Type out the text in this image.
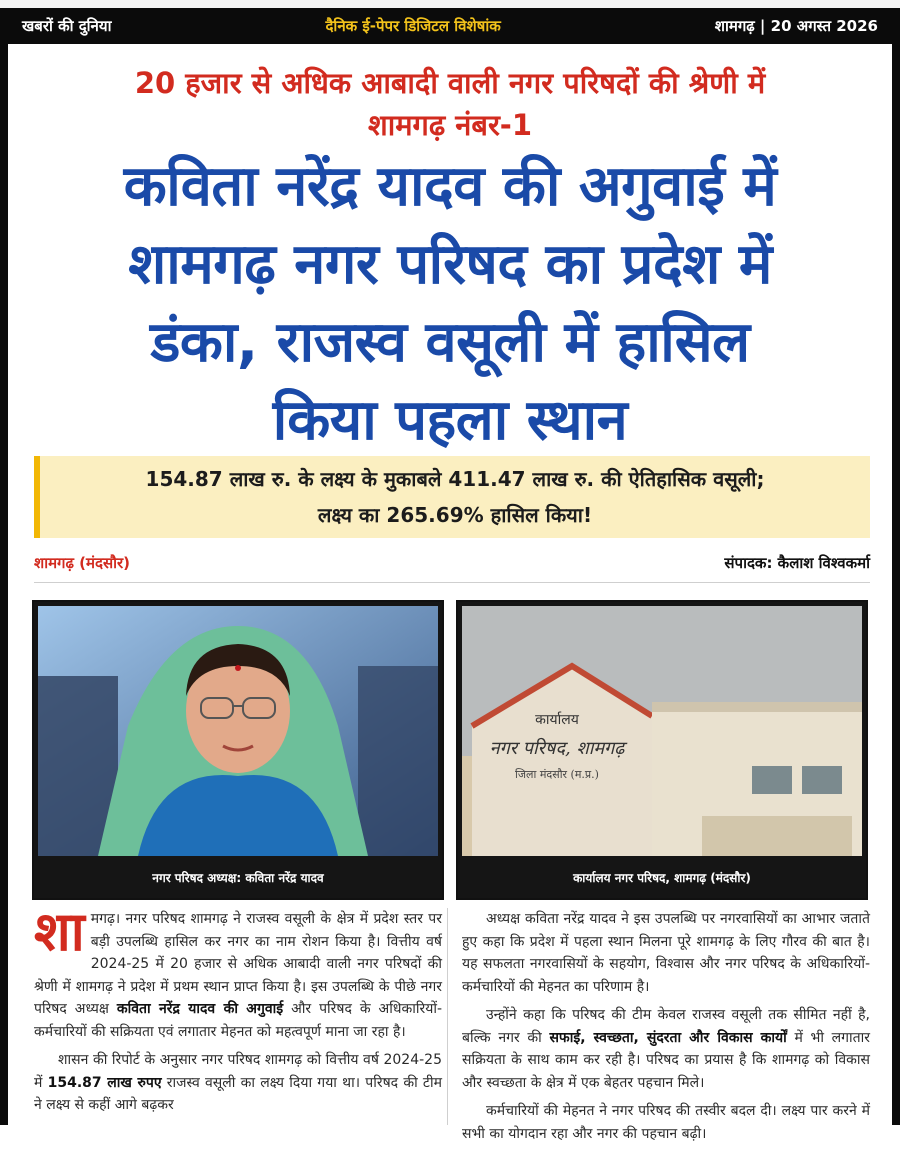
खबरों की दुनिया	दैनिक ई-पेपर डिजिटल विशेषांक	शामगढ़ | 20 अगस्त 2026
20 हजार से अधिक आबादी वाली नगर परिषदों की श्रेणी में
शामगढ़ नंबर-1
कविता नरेंद्र यादव की अगुवाई में
शामगढ़ नगर परिषद का प्रदेश में
डंका, राजस्व वसूली में हासिल
किया पहला स्थान
154.87 लाख रु. के लक्ष्य के मुकाबले 411.47 लाख रु. की ऐतिहासिक वसूली;
लक्ष्य का 265.69% हासिल किया!
शामगढ़ (मंदसौर)	संपादक: कैलाश विश्वकर्मा
नगर परिषद अध्यक्ष: कविता नरेंद्र यादव
कार्यालय
नगर परिषद, शामगढ़
जिला मंदसौर (म.प्र.)
कार्यालय नगर परिषद, शामगढ़ (मंदसौर)

शामगढ़। नगर परिषद शामगढ़ ने राजस्व वसूली के क्षेत्र में प्रदेश स्तर पर बड़ी उपलब्धि हासिल कर नगर का नाम रोशन किया है। वित्तीय वर्ष 2024-25 में 20 हजार से अधिक आबादी वाली नगर परिषदों की श्रेणी में शामगढ़ ने प्रदेश में प्रथम स्थान प्राप्त किया है। इस उपलब्धि के पीछे नगर परिषद अध्यक्ष कविता नरेंद्र यादव की अगुवाई और परिषद के अधिकारियों-कर्मचारियों की सक्रियता एवं लगातार मेहनत को महत्वपूर्ण माना जा रहा है।

शासन की रिपोर्ट के अनुसार नगर परिषद शामगढ़ को वित्तीय वर्ष 2024-25 में 154.87 लाख रुपए राजस्व वसूली का लक्ष्य दिया गया था। परिषद की टीम ने लक्ष्य से कहीं आगे बढ़कर

अध्यक्ष कविता नरेंद्र यादव ने इस उपलब्धि पर नगरवासियों का आभार जताते हुए कहा कि प्रदेश में पहला स्थान मिलना पूरे शामगढ़ के लिए गौरव की बात है। यह सफलता नगरवासियों के सहयोग, विश्वास और नगर परिषद के अधिकारियों-कर्मचारियों की मेहनत का परिणाम है।

उन्होंने कहा कि परिषद की टीम केवल राजस्व वसूली तक सीमित नहीं है, बल्कि नगर की सफाई, स्वच्छता, सुंदरता और विकास कार्यों में भी लगातार सक्रियता के साथ काम कर रही है। परिषद का प्रयास है कि शामगढ़ को विकास और स्वच्छता के क्षेत्र में एक बेहतर पहचान मिले।

कर्मचारियों की मेहनत ने नगर परिषद की तस्वीर बदल दी। लक्ष्य पार करने में सभी का योगदान रहा और नगर की पहचान बढ़ी।
